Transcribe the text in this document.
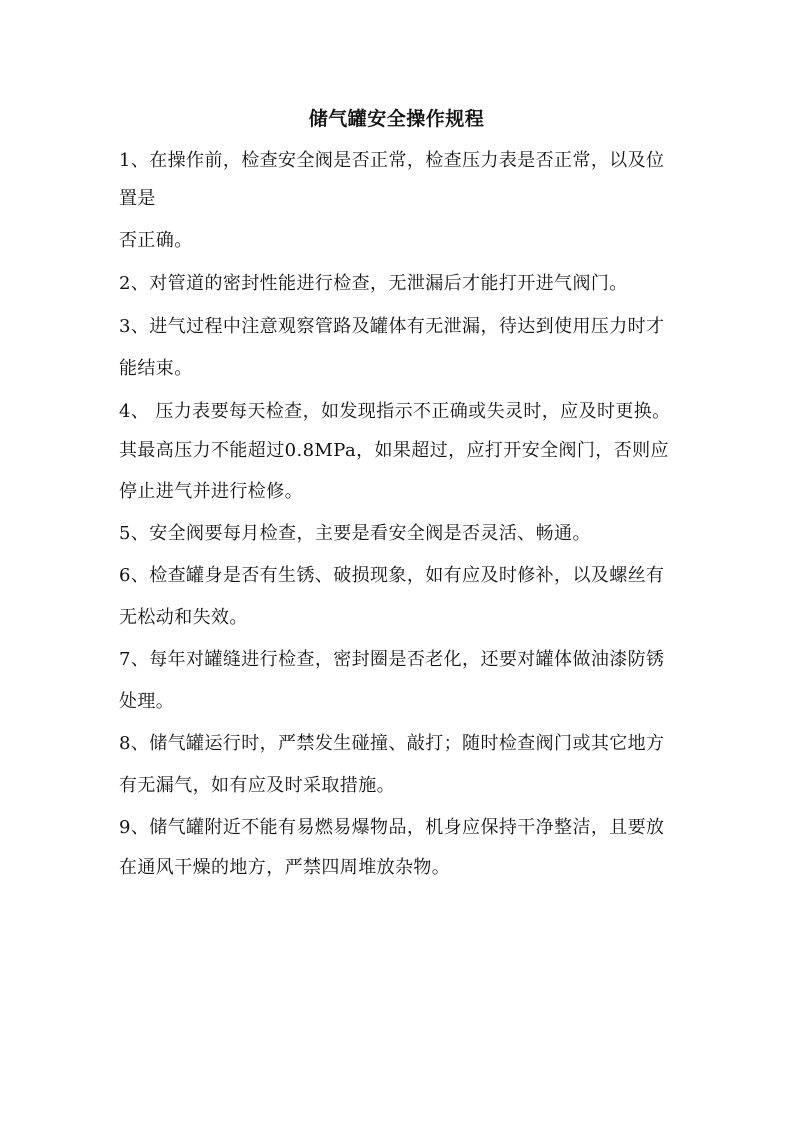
储气罐安全操作规程
1、在操作前，检查安全阀是否正常，检查压力表是否正常，以及位
置是
否正确。
2、对管道的密封性能进行检查，无泄漏后才能打开进气阀门。
3、进气过程中注意观察管路及罐体有无泄漏，待达到使用压力时才
能结束。
4、 压力表要每天检查，如发现指示不正确或失灵时，应及时更换。
其最高压力不能超过0.8MPa，如果超过，应打开安全阀门，否则应
停止进气并进行检修。
5、安全阀要每月检查，主要是看安全阀是否灵活、畅通。
6、检查罐身是否有生锈、破损现象，如有应及时修补，以及螺丝有
无松动和失效。
7、每年对罐缝进行检查，密封圈是否老化，还要对罐体做油漆防锈
处理。
8、储气罐运行时，严禁发生碰撞、敲打；随时检查阀门或其它地方
有无漏气，如有应及时采取措施。
9、储气罐附近不能有易燃易爆物品，机身应保持干净整洁，且要放
在通风干燥的地方，严禁四周堆放杂物。
